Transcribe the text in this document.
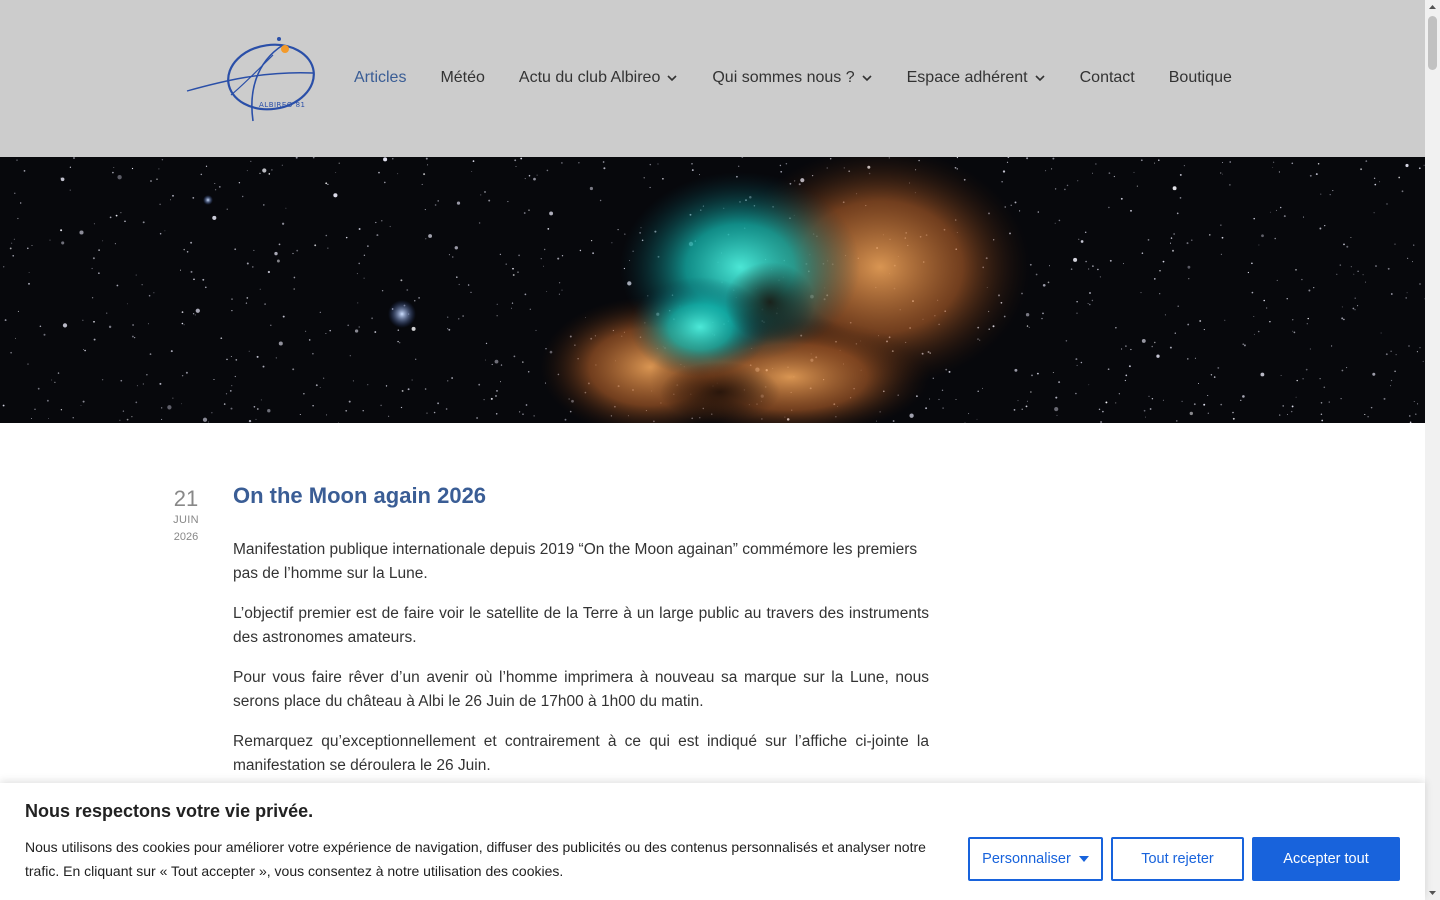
ALBIREO 81
Articles Météo Actu du club Albireo	Qui sommes nous ?	Espace adhérent	Contact Boutique
21
JUIN
2026
On the Moon again 2026

Manifestation publique internationale depuis 2019 “On the Moon againan” commémore les premiers pas de l’homme sur la Lune.

L’objectif premier est de faire voir le satellite de la Terre à un large public au travers des instruments des astronomes amateurs.

Pour vous faire rêver d’un avenir où l’homme imprimera à nouveau sa marque sur la Lune, nous serons place du château à Albi le 26 Juin de 17h00 à 1h00 du matin.

Remarquez qu’exceptionnellement et contrairement à ce qui est indiqué sur l’affiche ci-jointe la manifestation se déroulera le 26 Juin.

Nous respectons votre vie privée.
Nous utilisons des cookies pour améliorer votre expérience de navigation, diffuser des publicités ou des contenus personnalisés et analyser notre trafic. En cliquant sur « Tout accepter », vous consentez à notre utilisation des cookies.
Personnaliser	Tout rejeter	Accepter tout
